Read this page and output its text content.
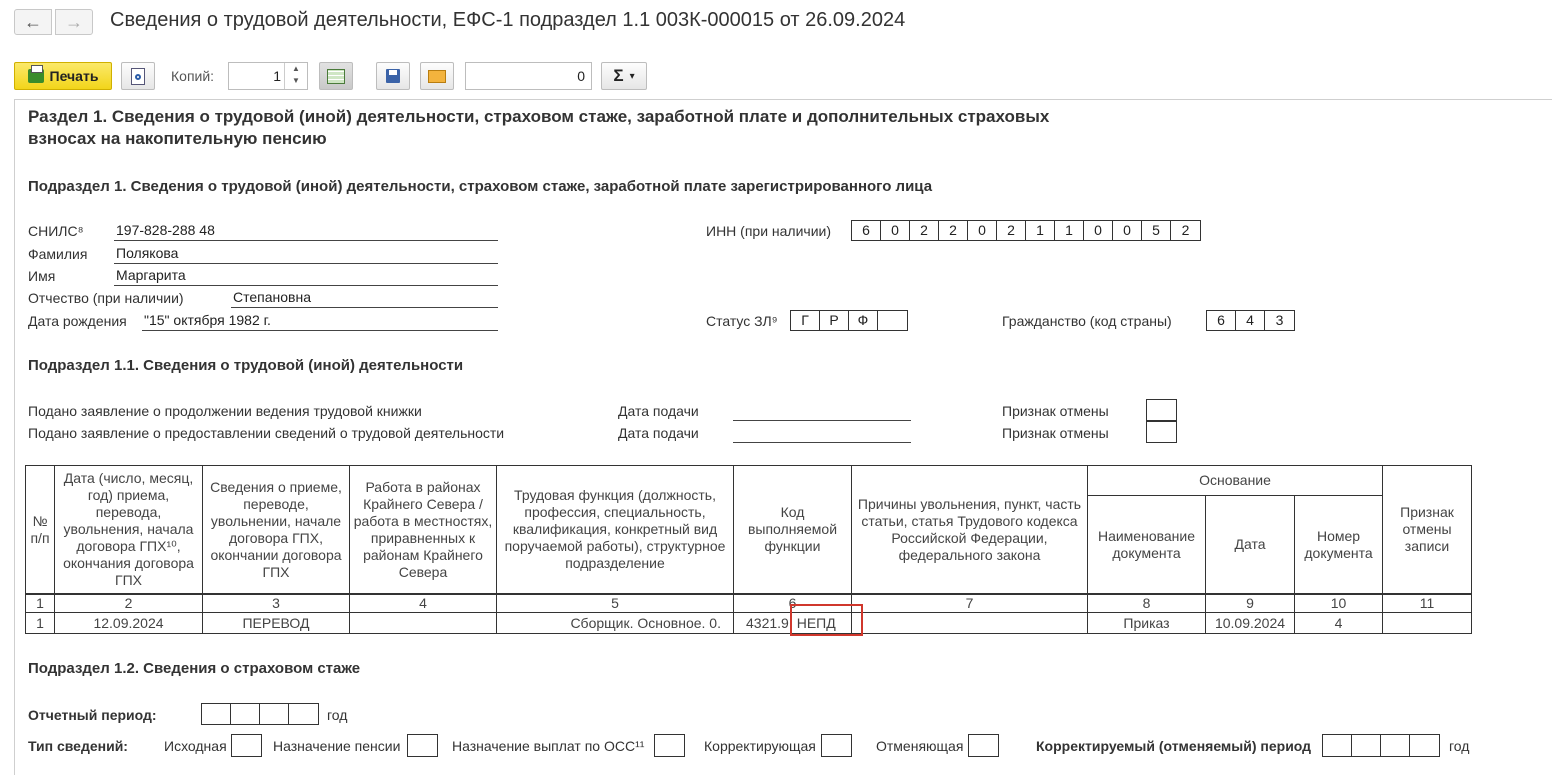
← → Сведения о трудовой деятельности, ЕФС-1 подраздел 1.1 003К-000015 от 26.09.2024
Печать	Копий:	1	▲
▼	0 Σ ▾
Раздел 1. Сведения о трудовой (иной) деятельности, страховом стаже, заработной плате и дополнительных страховых
взносах на накопительную пенсию
Подраздел 1. Сведения о трудовой (иной) деятельности, страховом стаже, заработной плате зарегистрированного лица
СНИЛС⁸ 197-828-288 48
Фамилия Полякова
Имя	Маргарита
Отчество (при наличии)	Степановна
Дата рождения "15" октября 1982 г.
ИНН (при наличии)	6	0	2	2	0	2	1	1	0	0	5	2
Статус ЗЛ⁹	Г	Р	Ф	Гражданство (код страны)	6	4	3
Подраздел 1.1. Сведения о трудовой (иной) деятельности
Подано заявление о продолжении ведения трудовой книжки
Подано заявление о предоставлении сведений о трудовой деятельности
Дата подачи
Дата подачи
Признак отмены
Признак отмены
№ п/п	Дата (число, месяц, год) приема, перевода, увольнения, начала договора ГПХ¹⁰, окончания договора ГПХ	Сведения о приеме, переводе, увольнении, начале договора ГПХ, окончании договора ГПХ	Работа в районах Крайнего Севера / работа в местностях, приравненных к районам Крайнего Севера	Трудовая функция (должность, профессия, специальность, квалификация, конкретный вид поручаемой работы), структурное подразделение	Код выполняемой функции	Причины увольнения, пункт, часть статьи, статья Трудового кодекса Российской Федерации, федерального закона	Основание			Признак отмены записи
							Наименование документа	Дата	Номер документа	
1	2	3	4	5	6	7	8	9	10	11
1	12.09.2024	ПЕРЕВОД		Сборщик. Основное. 0.	4321.9 НЕПД		Приказ	10.09.2024	4	
Подраздел 1.2. Сведения о страховом стаже
Отчетный период:	год
Тип сведений:	Исходная	Назначение пенсии	Назначение выплат по ОСС¹¹	Корректирующая	Отменяющая	Корректируемый (отменяемый) период	год
